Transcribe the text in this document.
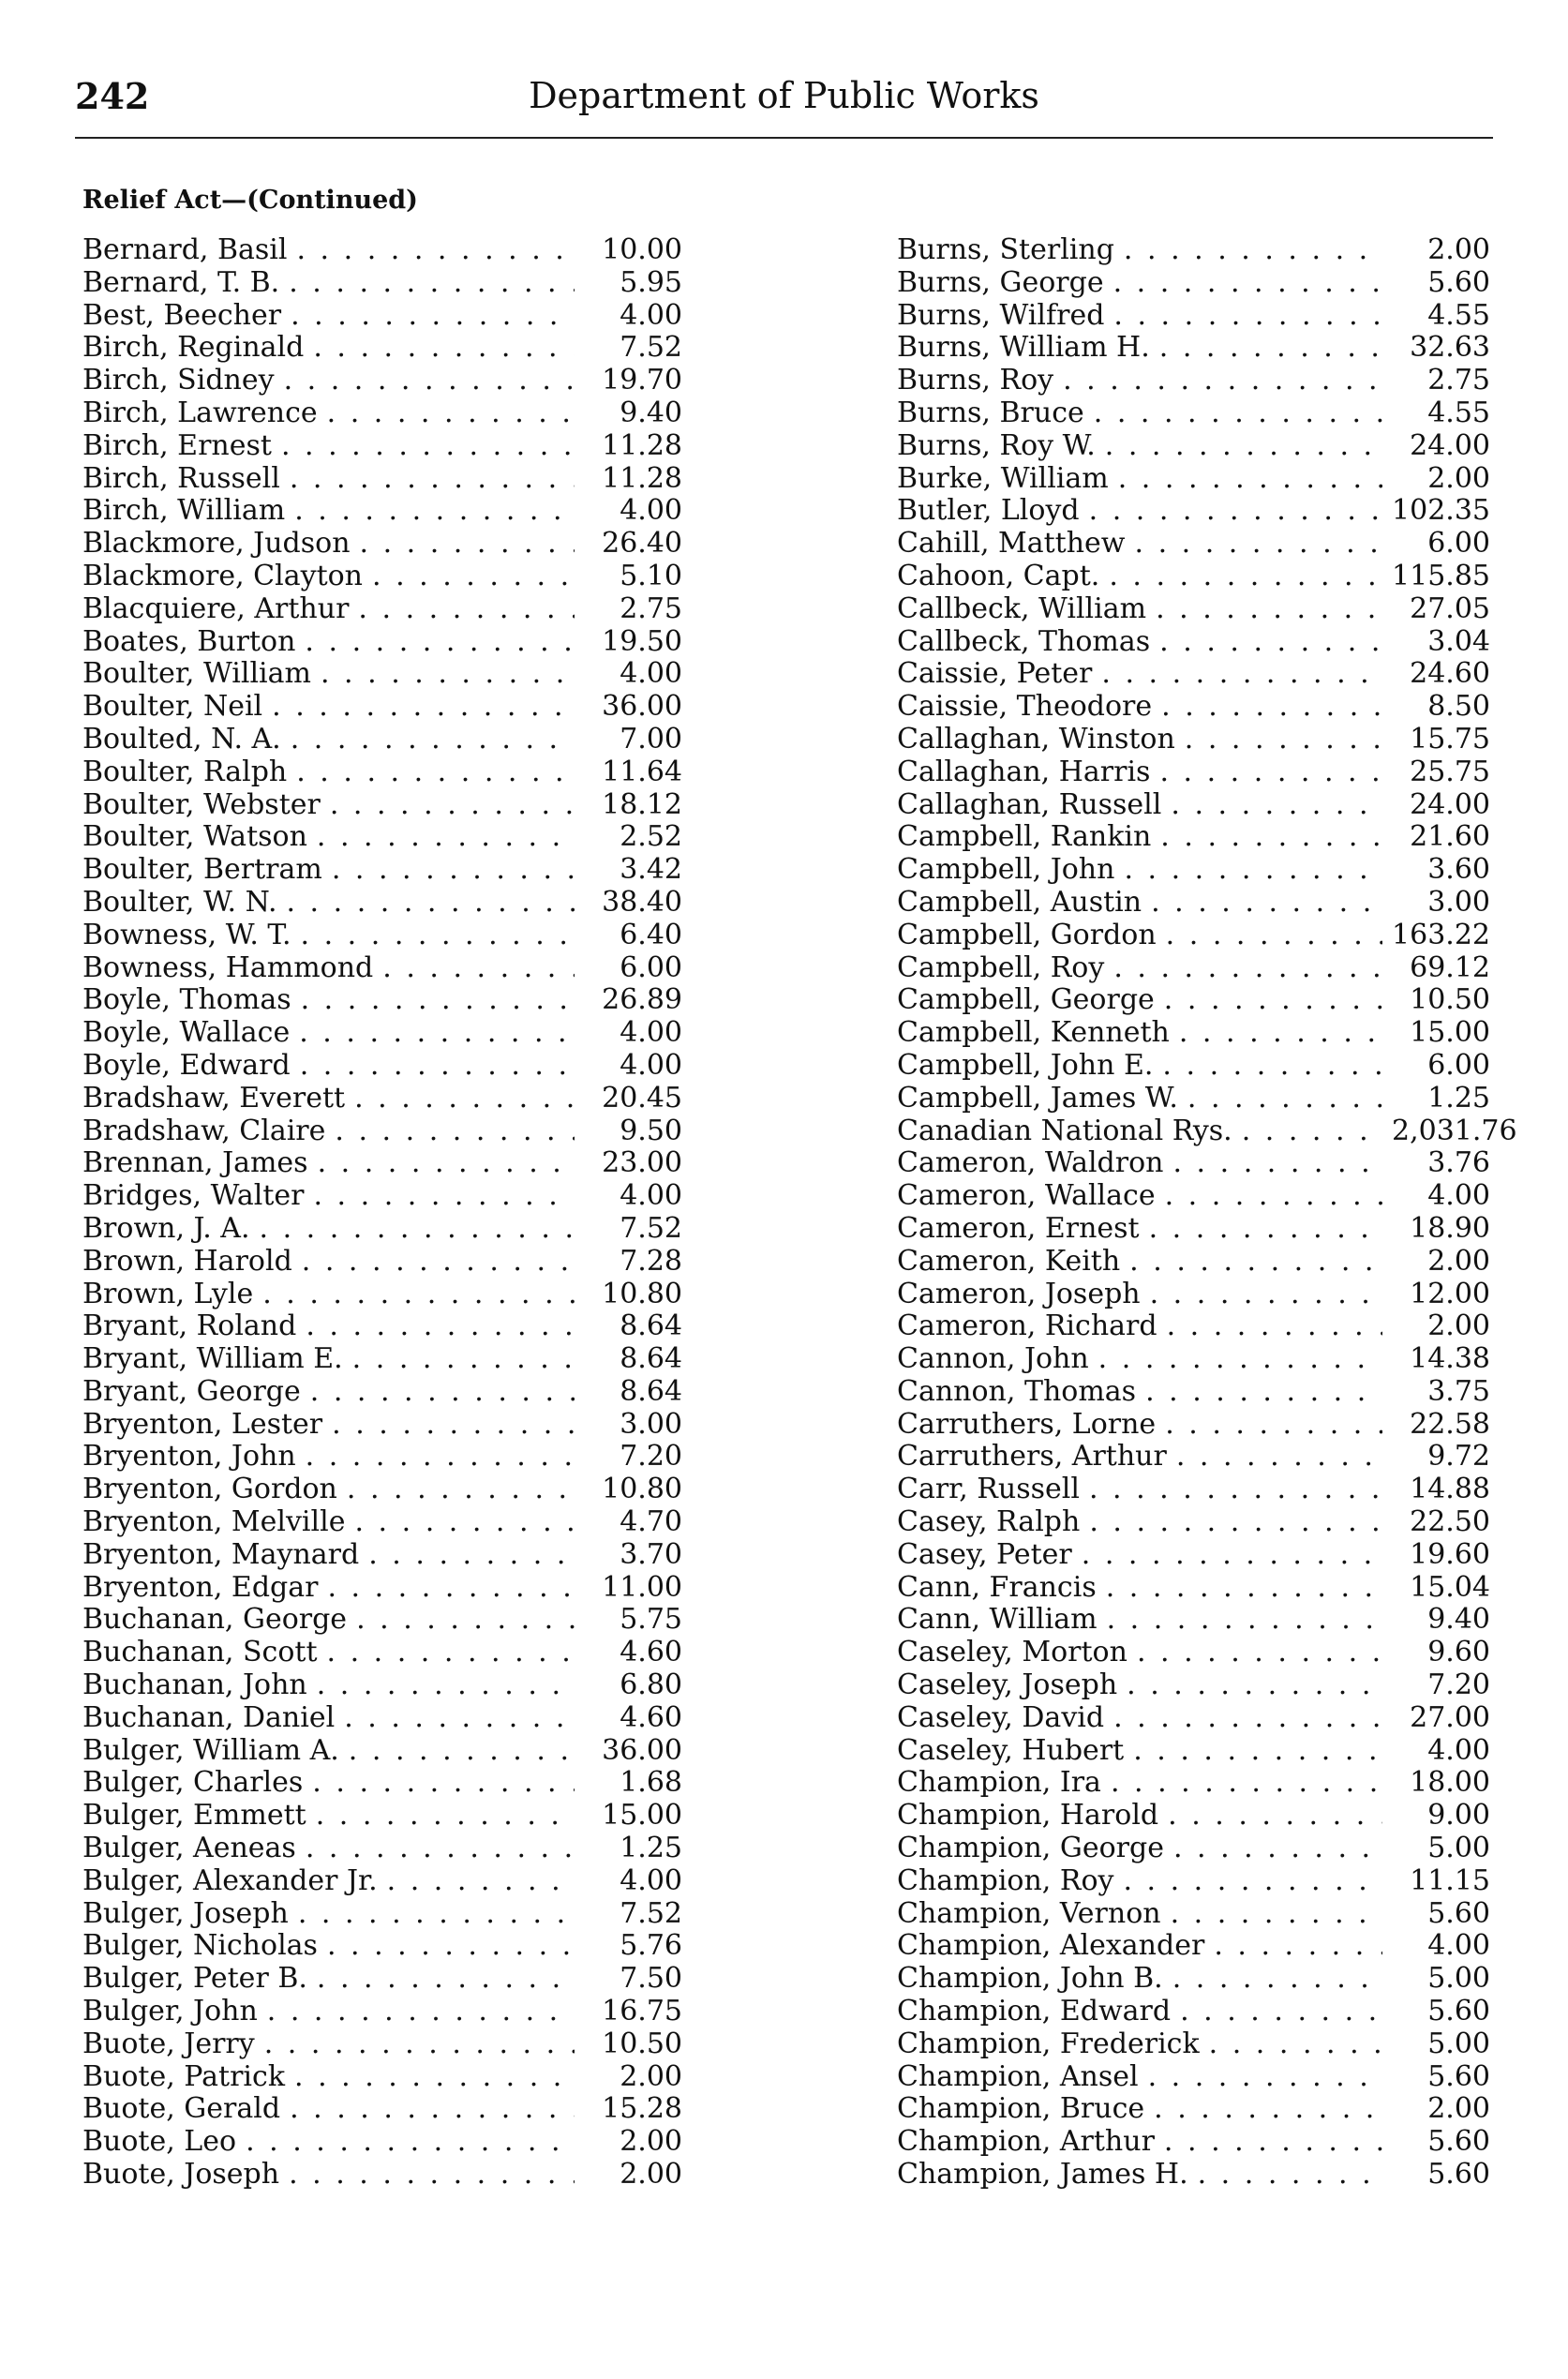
242	Department of Public Works
Relief Act—(Continued)
Bernard, Basil . . .	10.00
Bernard, T. B. . . .	5.95
Best, Beecher . . .	4.00
Birch, Reginald . . .	7.52
Birch, Sidney . . .	19.70
Birch, Lawrence . . .	9.40
Birch, Ernest . . .	11.28
Birch, Russell . . .	11.28
Birch, William . . .	4.00
Blackmore, Judson . . .	26.40
Blackmore, Clayton . . .	5.10
Blacquiere, Arthur . . .	2.75
Boates, Burton . . .	19.50
Boulter, William . . .	4.00
Boulter, Neil . . .	36.00
Boulted, N. A. . . .	7.00
Boulter, Ralph . . .	11.64
Boulter, Webster . . .	18.12
Boulter, Watson . . .	2.52
Boulter, Bertram . . .	3.42
Boulter, W. N. . . .	38.40
Bowness, W. T. . . .	6.40
Bowness, Hammond . . .	6.00
Boyle, Thomas . . .	26.89
Boyle, Wallace . . .	4.00
Boyle, Edward . . .	4.00
Bradshaw, Everett . . .	20.45
Bradshaw, Claire . . .	9.50
Brennan, James . . .	23.00
Bridges, Walter . . .	4.00
Brown, J. A. . . .	7.52
Brown, Harold . . .	7.28
Brown, Lyle . . .	10.80
Bryant, Roland . . .	8.64
Bryant, William E. . . .	8.64
Bryant, George . . .	8.64
Bryenton, Lester . . .	3.00
Bryenton, John . . .	7.20
Bryenton, Gordon . . .	10.80
Bryenton, Melville . . .	4.70
Bryenton, Maynard . . .	3.70
Bryenton, Edgar . . .	11.00
Buchanan, George . . .	5.75
Buchanan, Scott . . .	4.60
Buchanan, John . . .	6.80
Buchanan, Daniel . . .	4.60
Bulger, William A. . . .	36.00
Bulger, Charles . . .	1.68
Bulger, Emmett . . .	15.00
Bulger, Aeneas . . .	1.25
Bulger, Alexander Jr. . . .	4.00
Bulger, Joseph . . .	7.52
Bulger, Nicholas . . .	5.76
Bulger, Peter B. . . .	7.50
Bulger, John . . .	16.75
Buote, Jerry . . .	10.50
Buote, Patrick . . .	2.00
Buote, Gerald . . .	15.28
Buote, Leo . . .	2.00
Buote, Joseph . . .	2.00
Burns, Sterling . . .	2.00
Burns, George . . .	5.60
Burns, Wilfred . . .	4.55
Burns, William H. . . .	32.63
Burns, Roy . . .	2.75
Burns, Bruce . . .	4.55
Burns, Roy W. . . .	24.00
Burke, William . . .	2.00
Butler, Lloyd . . .	102.35
Cahill, Matthew . . .	6.00
Cahoon, Capt. . . .	115.85
Callbeck, William . . .	27.05
Callbeck, Thomas . . .	3.04
Caissie, Peter . . .	24.60
Caissie, Theodore . . .	8.50
Callaghan, Winston . . .	15.75
Callaghan, Harris . . .	25.75
Callaghan, Russell . . .	24.00
Campbell, Rankin . . .	21.60
Campbell, John . . .	3.60
Campbell, Austin . . .	3.00
Campbell, Gordon . . .	163.22
Campbell, Roy . . .	69.12
Campbell, George . . .	10.50
Campbell, Kenneth . . .	15.00
Campbell, John E. . . .	6.00
Campbell, James W. . . .	1.25
Canadian National Rys. . . .	2,031.76
Cameron, Waldron . . .	3.76
Cameron, Wallace . . .	4.00
Cameron, Ernest . . .	18.90
Cameron, Keith . . .	2.00
Cameron, Joseph . . .	12.00
Cameron, Richard . . .	2.00
Cannon, John . . .	14.38
Cannon, Thomas . . .	3.75
Carruthers, Lorne . . .	22.58
Carruthers, Arthur . . .	9.72
Carr, Russell . . .	14.88
Casey, Ralph . . .	22.50
Casey, Peter . . .	19.60
Cann, Francis . . .	15.04
Cann, William . . .	9.40
Caseley, Morton . . .	9.60
Caseley, Joseph . . .	7.20
Caseley, David . . .	27.00
Caseley, Hubert . . .	4.00
Champion, Ira . . .	18.00
Champion, Harold . . .	9.00
Champion, George . . .	5.00
Champion, Roy . . .	11.15
Champion, Vernon . . .	5.60
Champion, Alexander . . .	4.00
Champion, John B. . . .	5.00
Champion, Edward . . .	5.60
Champion, Frederick . . .	5.00
Champion, Ansel . . .	5.60
Champion, Bruce . . .	2.00
Champion, Arthur . . .	5.60
Champion, James H. . . .	5.60
